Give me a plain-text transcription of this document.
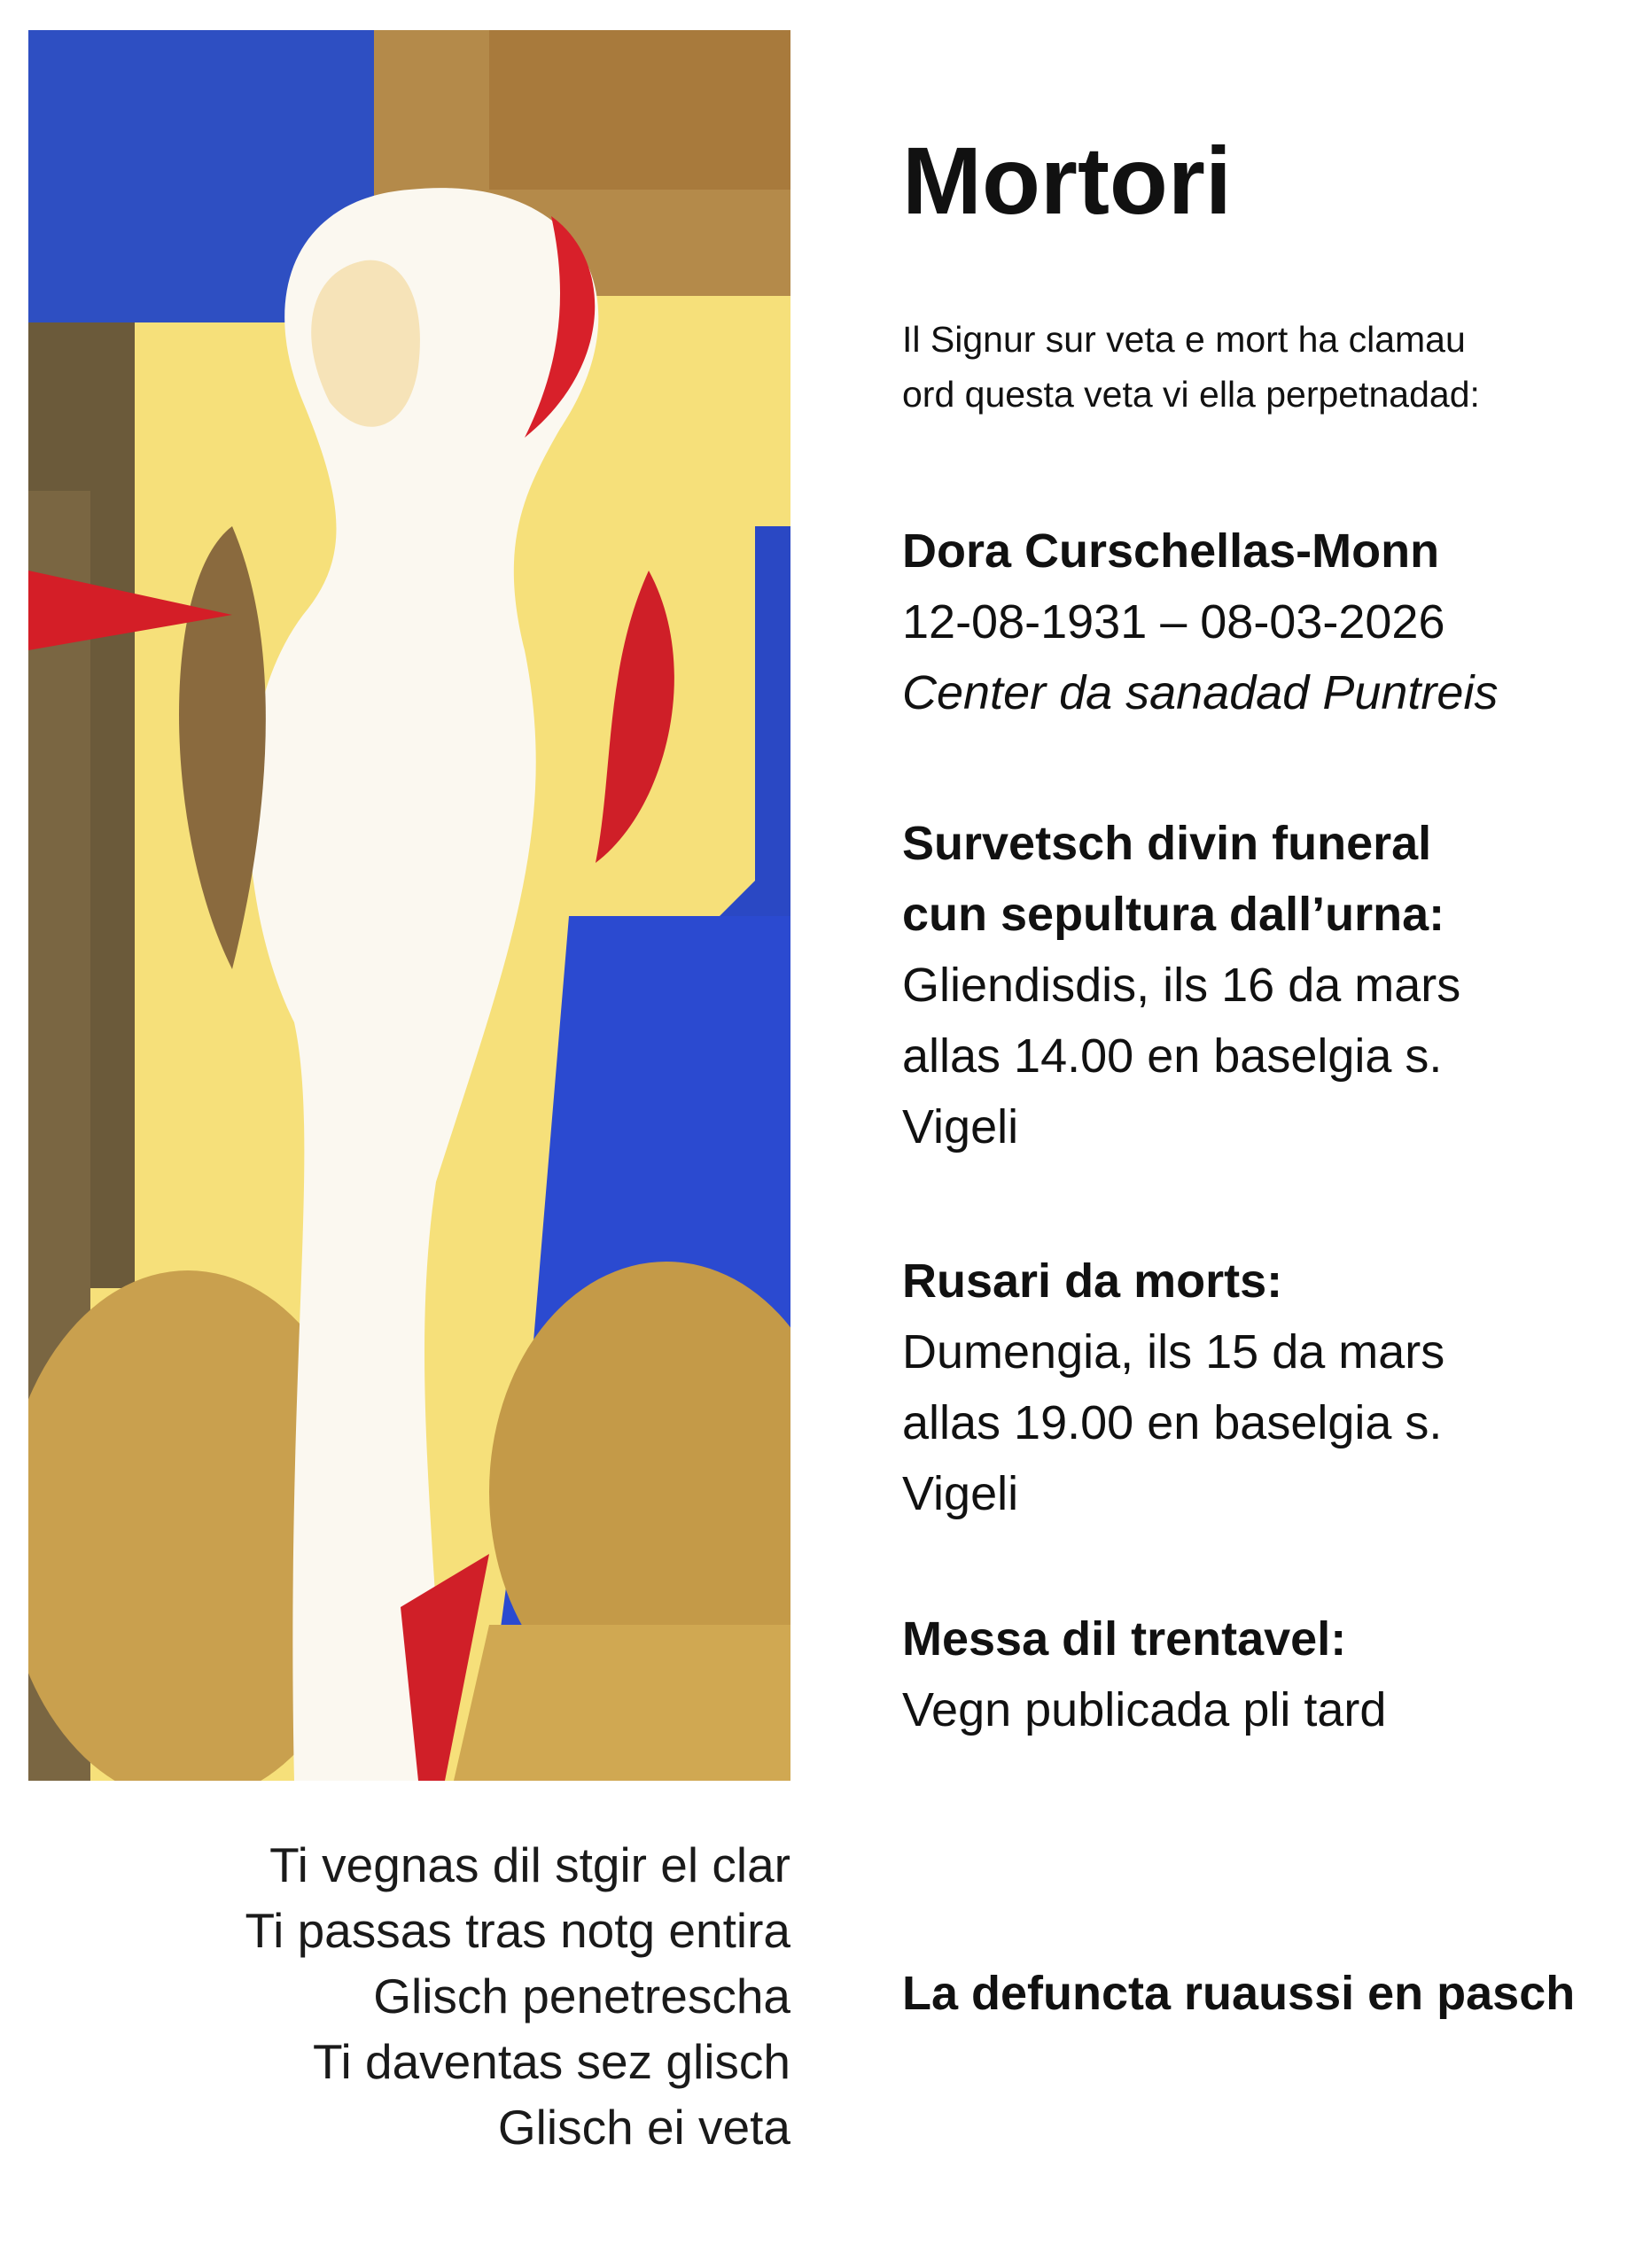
Ti vegnas dil stgir el clar
Ti passas tras notg entira
Glisch penetrescha
Ti daventas sez glisch
Glisch ei veta
Mortori
Il Signur sur veta e mort ha clamau
ord questa veta vi ella perpetnadad:
Dora Curschellas-Monn
12-08-1931 – 08-03-2026
Center da sanadad Puntreis
Survetsch divin funeral
cun sepultura dall’urna:
Gliendisdis, ils 16 da mars
allas 14.00 en baselgia s.
Vigeli
Rusari da morts:
Dumengia, ils 15 da mars
allas 19.00 en baselgia s.
Vigeli
Messa dil trentavel:
Vegn publicada pli tard
La defuncta ruaussi en pasch
